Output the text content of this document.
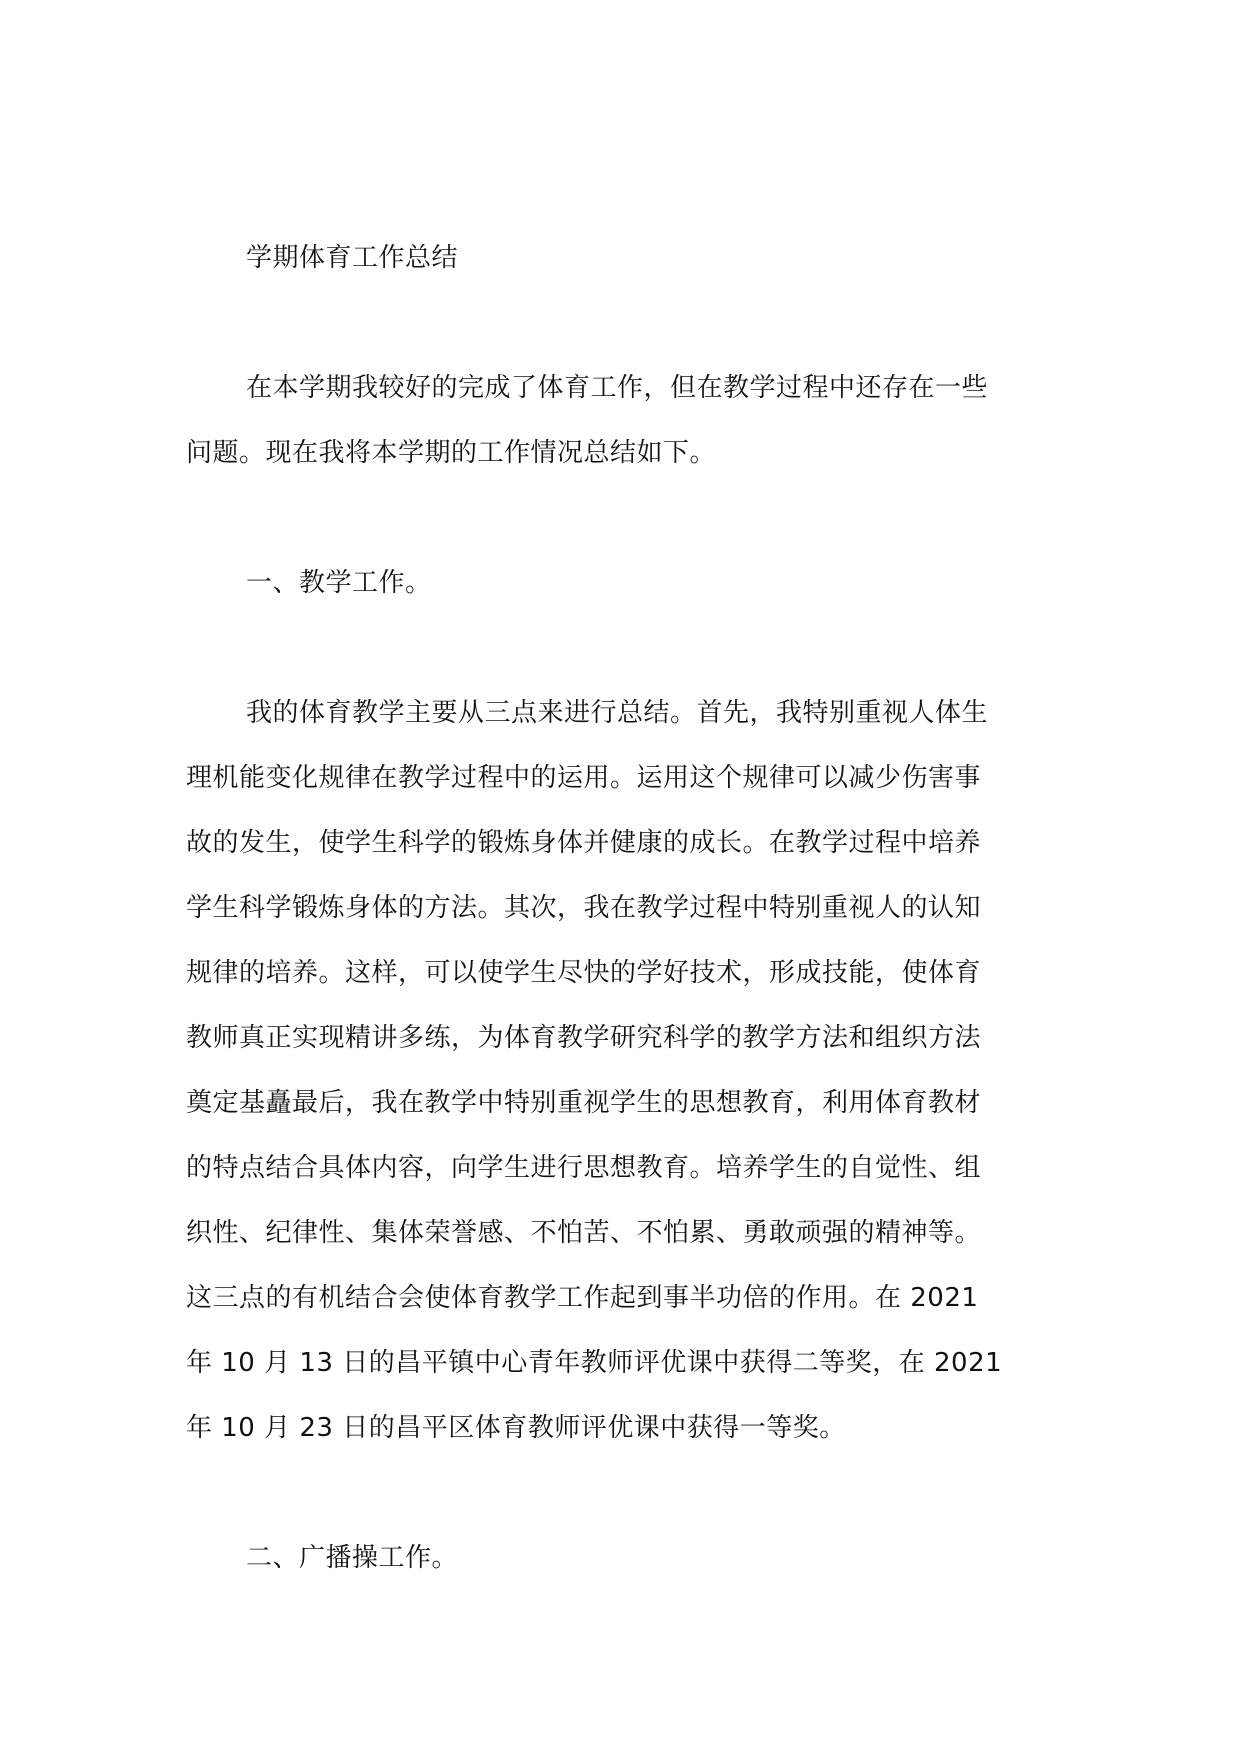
学期体育工作总结
在本学期我较好的完成了体育工作，但在教学过程中还存在一些
问题。现在我将本学期的工作情况总结如下。
一、教学工作。
我的体育教学主要从三点来进行总结。首先，我特别重视人体生
理机能变化规律在教学过程中的运用。运用这个规律可以减少伤害事
故的发生，使学生科学的锻炼身体并健康的成长。在教学过程中培养
学生科学锻炼身体的方法。其次，我在教学过程中特别重视人的认知
规律的培养。这样，可以使学生尽快的学好技术，形成技能，使体育
教师真正实现精讲多练，为体育教学研究科学的教学方法和组织方法
奠定基矗最后，我在教学中特别重视学生的思想教育，利用体育教材
的特点结合具体内容，向学生进行思想教育。培养学生的自觉性、组
织性、纪律性、集体荣誉感、不怕苦、不怕累、勇敢顽强的精神等。
这三点的有机结合会使体育教学工作起到事半功倍的作用。在 2021
年 10 月 13 日的昌平镇中心青年教师评优课中获得二等奖，在 2021
年 10 月 23 日的昌平区体育教师评优课中获得一等奖。
二、广播操工作。
